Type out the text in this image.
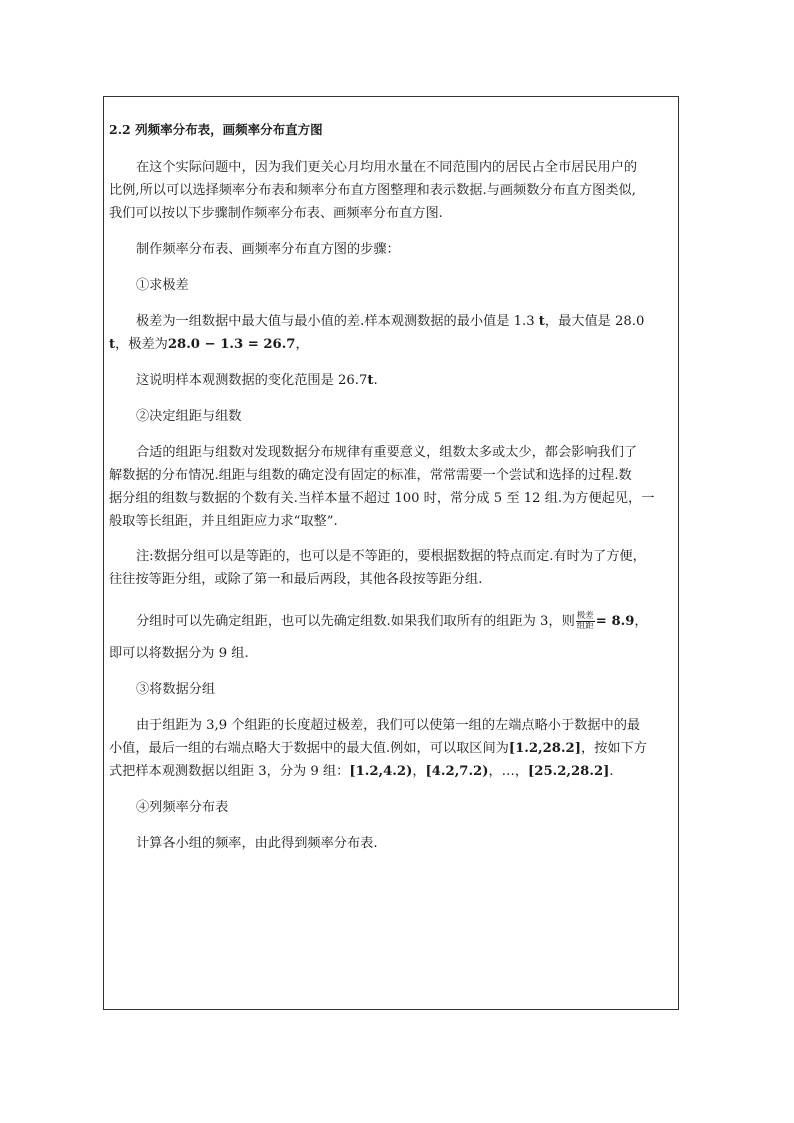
2.2 列频率分布表，画频率分布直方图
在这个实际问题中，因为我们更关心月均用水量在不同范围内的居民占全市居民用户的
比例,所以可以选择频率分布表和频率分布直方图整理和表示数据.与画频数分布直方图类似,
我们可以按以下步骤制作频率分布表、画频率分布直方图.
制作频率分布表、画频率分布直方图的步骤：
①求极差
极差为一组数据中最大值与最小值的差.样本观测数据的最小值是 1.3 t，最大值是 28.0
t，极差为28.0 − 1.3 = 26.7，
这说明样本观测数据的变化范围是 26.7t.
②决定组距与组数
合适的组距与组数对发现数据分布规律有重要意义，组数太多或太少，都会影响我们了
解数据的分布情况.组距与组数的确定没有固定的标准，常常需要一个尝试和选择的过程.数
据分组的组数与数据的个数有关.当样本量不超过 100 时，常分成 5 至 12 组.为方便起见，一
般取等长组距，并且组距应力求“取整”.
注:数据分组可以是等距的，也可以是不等距的，要根据数据的特点而定.有时为了方便，
往往按等距分组，或除了第一和最后两段，其他各段按等距分组.
分组时可以先确定组距，也可以先确定组数.如果我们取所有的组距为 3，则 $\frac{\text{极差}}{\text{组距}} = 8.9$，
即可以将数据分为 9 组.
③将数据分组
由于组距为 3,9 个组距的长度超过极差，我们可以使第一组的左端点略小于数据中的最
小值，最后一组的右端点略大于数据中的最大值.例如，可以取区间为[1.2,28.2]，按如下方
式把样本观测数据以组距 3，分为 9 组：[1.2,4.2)，[4.2,7.2)，…，[25.2,28.2].
④列频率分布表
计算各小组的频率，由此得到频率分布表.
